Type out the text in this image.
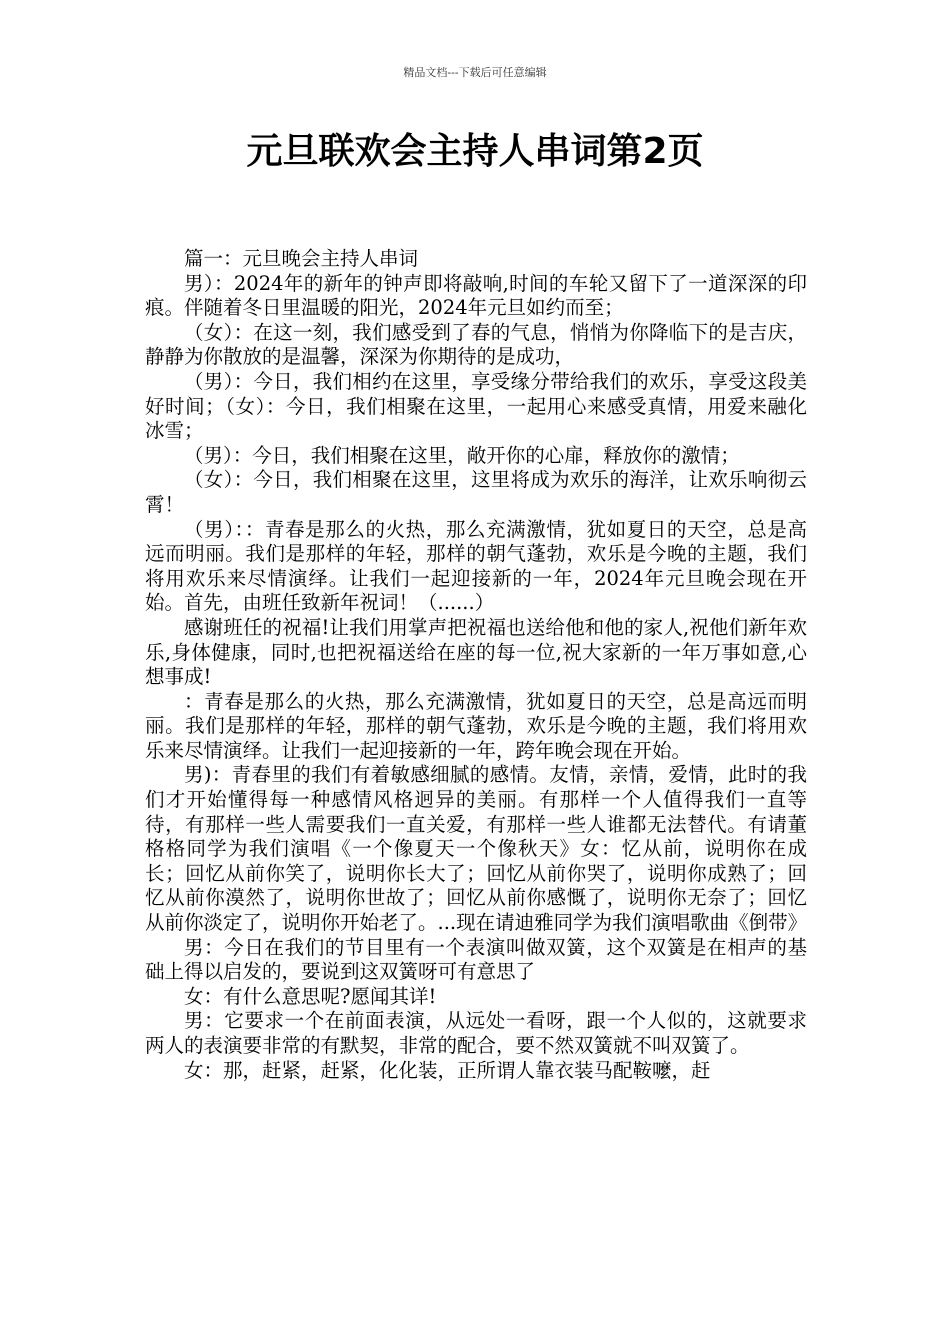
精品文档---下载后可任意编辑
元旦联欢会主持人串词第2页

篇一：元旦晚会主持人串词

男）：2024年的新年的钟声即将敲响,时间的车轮又留下了一道深深的印痕。伴随着冬日里温暖的阳光，2024年元旦如约而至；

（女）：在这一刻，我们感受到了春的气息，悄悄为你降临下的是吉庆，静静为你散放的是温馨，深深为你期待的是成功，

（男）：今日，我们相约在这里，享受缘分带给我们的欢乐，享受这段美好时间；（女）：今日，我们相聚在这里，一起用心来感受真情，用爱来融化冰雪；

（男）：今日，我们相聚在这里，敞开你的心扉，释放你的激情；

（女）：今日，我们相聚在这里，这里将成为欢乐的海洋，让欢乐响彻云霄！

（男）：：青春是那么的火热，那么充满激情，犹如夏日的天空，总是高远而明丽。我们是那样的年轻，那样的朝气蓬勃，欢乐是今晚的主题，我们将用欢乐来尽情演绎。让我们一起迎接新的一年，2024年元旦晚会现在开始。首先，由班任致新年祝词！（......）

感谢班任的祝福!让我们用掌声把祝福也送给他和他的家人,祝他们新年欢乐,身体健康，同时,也把祝福送给在座的每一位,祝大家新的一年万事如意,心想事成!

：青春是那么的火热，那么充满激情，犹如夏日的天空，总是高远而明丽。我们是那样的年轻，那样的朝气蓬勃，欢乐是今晚的主题，我们将用欢乐来尽情演绎。让我们一起迎接新的一年，跨年晚会现在开始。

男)：青春里的我们有着敏感细腻的感情。友情，亲情，爱情，此时的我们才开始懂得每一种感情风格迥异的美丽。有那样一个人值得我们一直等待，有那样一些人需要我们一直关爱，有那样一些人谁都无法替代。有请董格格同学为我们演唱《一个像夏天一个像秋天》女：忆从前，说明你在成长；回忆从前你笑了，说明你长大了；回忆从前你哭了，说明你成熟了；回忆从前你漠然了，说明你世故了；回忆从前你感慨了，说明你无奈了；回忆从前你淡定了，说明你开始老了。...现在请迪雅同学为我们演唱歌曲《倒带》

男：今日在我们的节目里有一个表演叫做双簧，这个双簧是在相声的基础上得以启发的，要说到这双簧呀可有意思了

女：有什么意思呢?愿闻其详!

男：它要求一个在前面表演，从远处一看呀，跟一个人似的，这就要求两人的表演要非常的有默契，非常的配合，要不然双簧就不叫双簧了。

女：那，赶紧，赶紧，化化装，正所谓人靠衣装马配鞍嚒，赶
